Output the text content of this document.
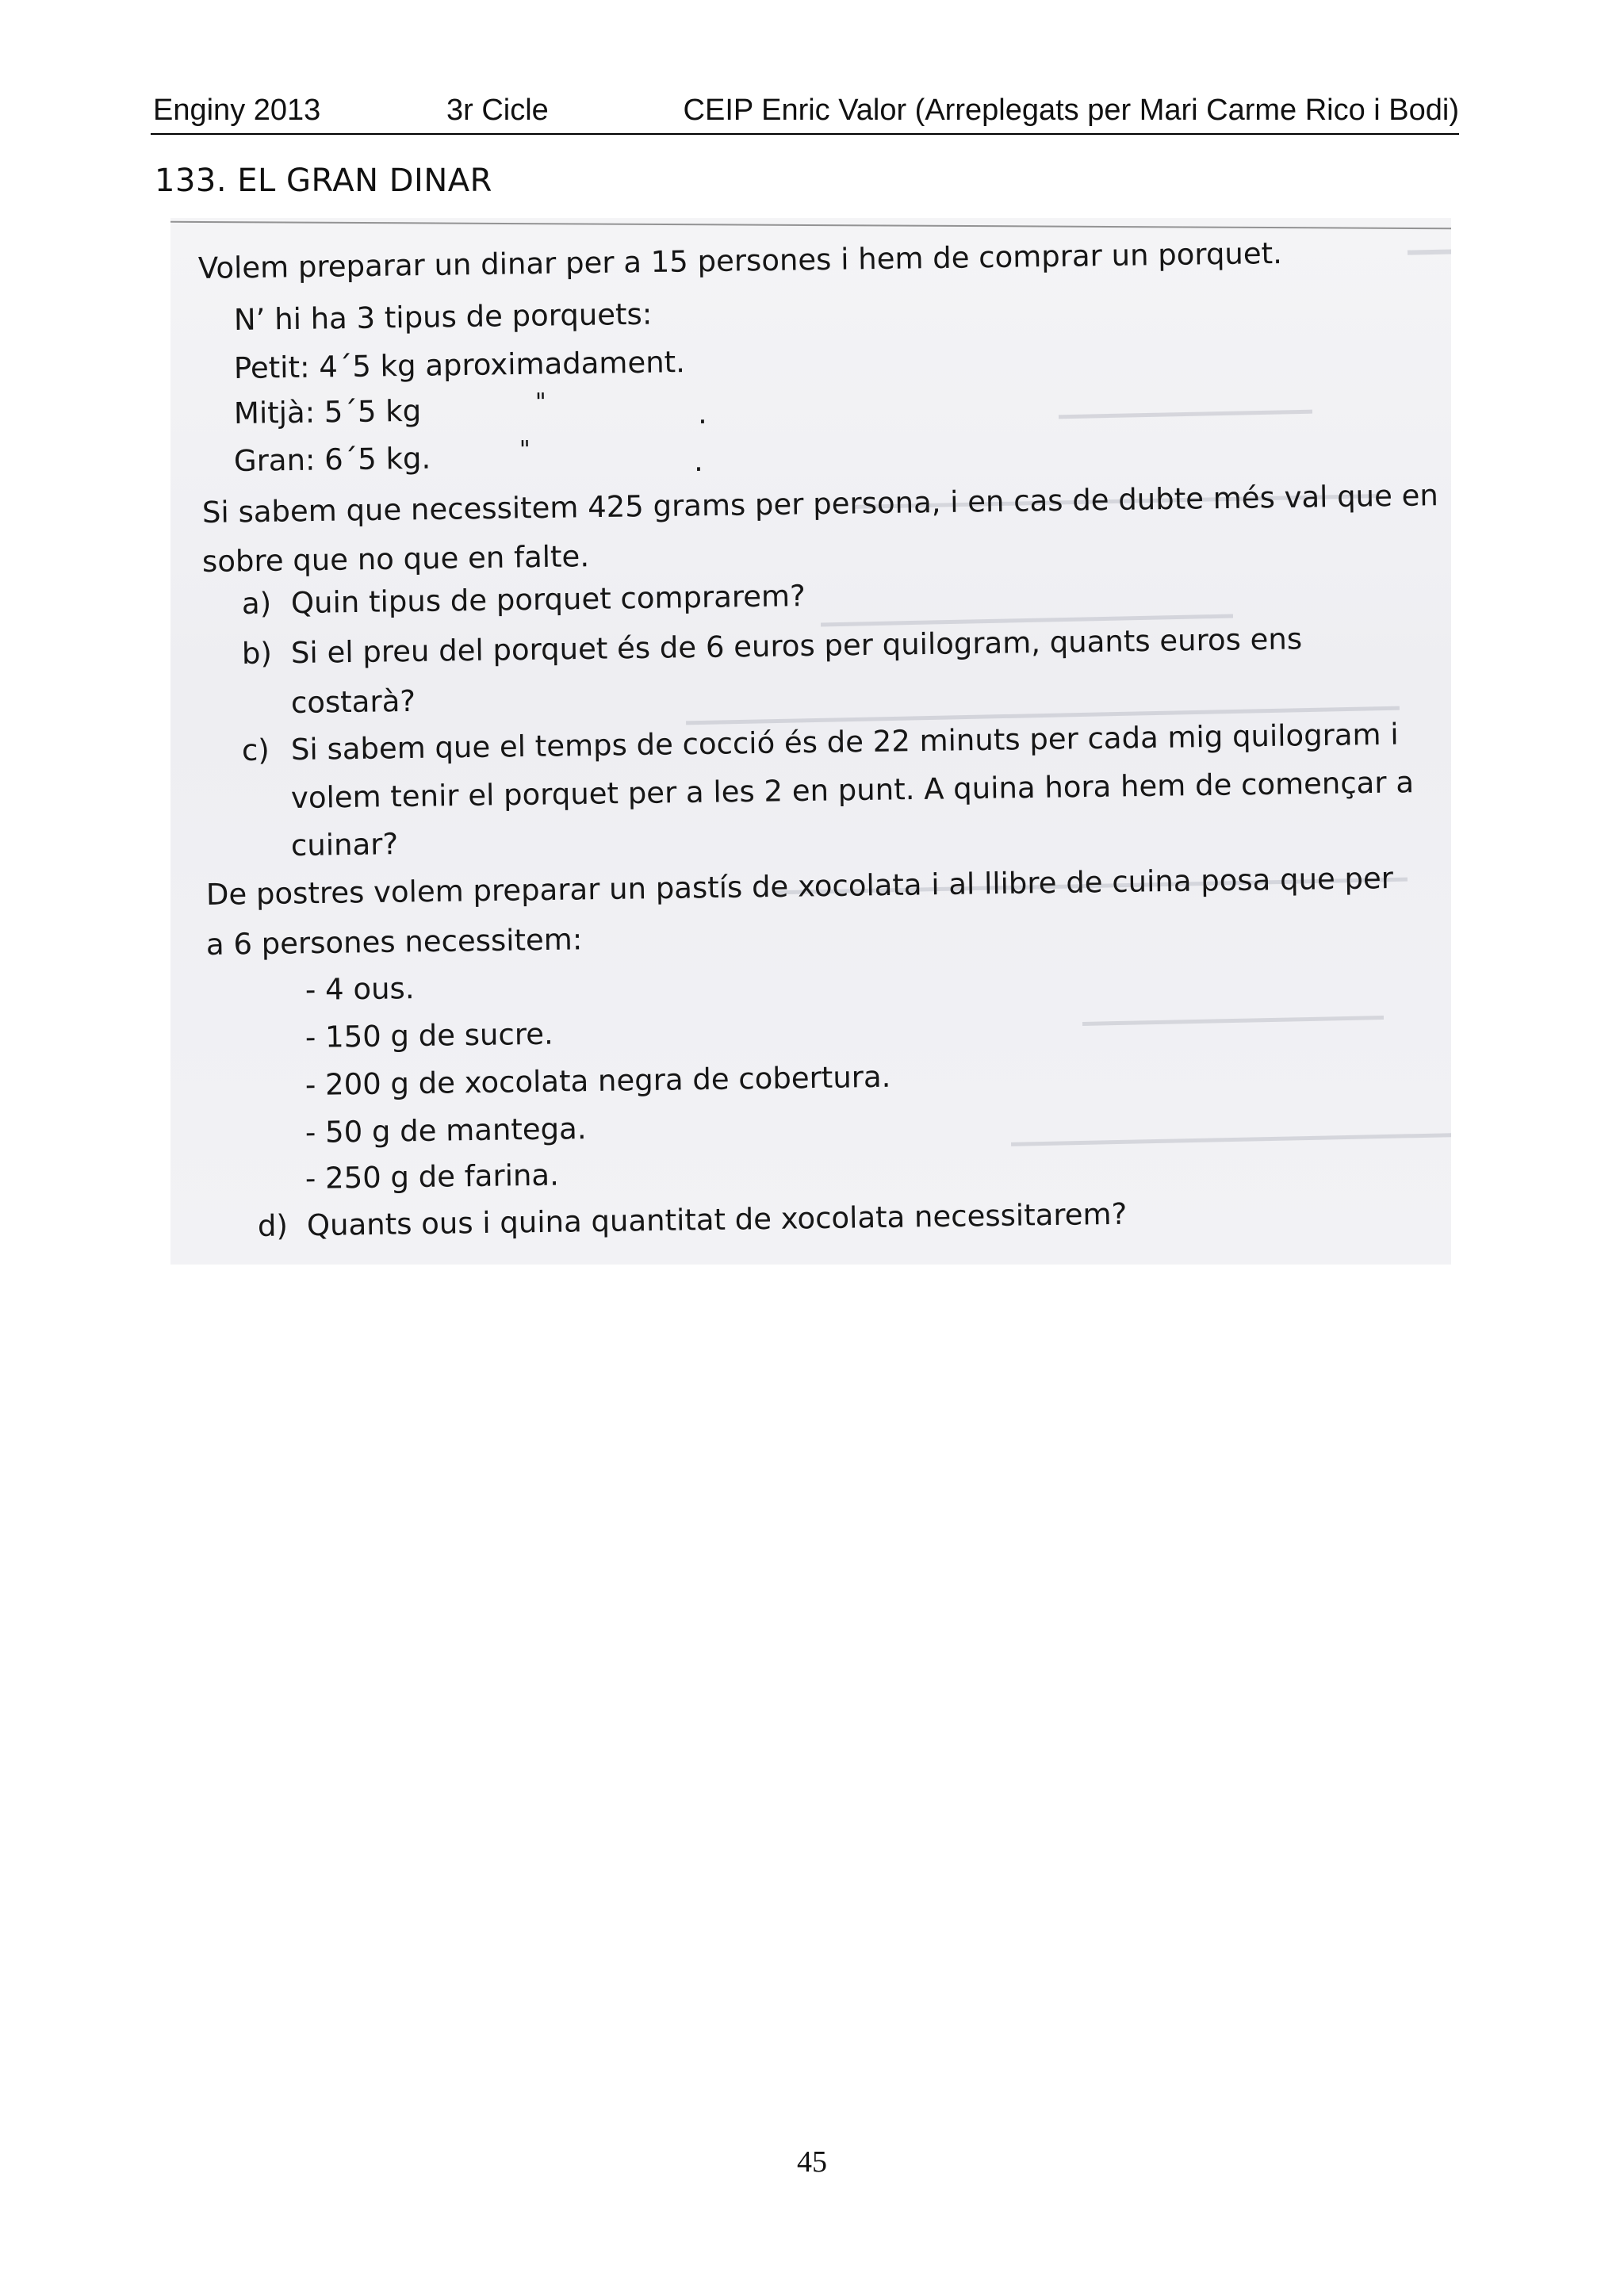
Enginy 2013	3r Cicle	CEIP Enric Valor (Arreplegats per Mari Carme Rico i Bodi)
133. EL GRAN DINAR
Volem preparar un dinar per a 15 persones i hem de comprar un porquet.
N’ hi ha 3 tipus de porquets:
Petit: 4´5 kg aproximadament.
Mitjà: 5´5 kg	"	.
Gran: 6´5 kg.	"	.
Si sabem que necessitem 425 grams per persona, i en cas de dubte més val que en
sobre que no que en falte.
a) Quin tipus de porquet comprarem?
b) Si el preu del porquet és de 6 euros per quilogram, quants euros ens
costarà?
c) Si sabem que el temps de cocció és de 22 minuts per cada mig quilogram i
volem tenir el porquet per a les 2 en punt. A quina hora hem de començar a
cuinar?
De postres volem preparar un pastís de xocolata i al llibre de cuina posa que per
a 6 persones necessitem:
- 4 ous.
- 150 g de sucre.
- 200 g de xocolata negra de cobertura.
- 50 g de mantega.
- 250 g de farina.
d) Quants ous i quina quantitat de xocolata necessitarem?
45
